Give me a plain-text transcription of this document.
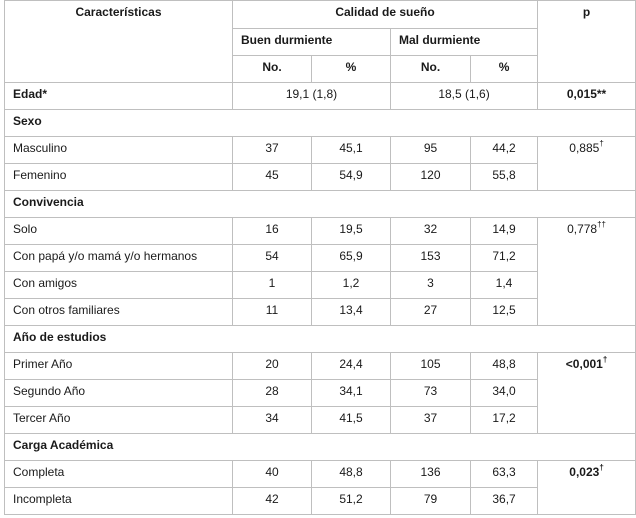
Características	Calidad de sueño				p
	Buen durmiente		Mal durmiente		
	No.	%	No.	%	
Edad*	19,1 (1,8)		18,5 (1,6)		0,015**
Sexo					
Masculino	37	45,1	95	44,2	0,885†
Femenino	45	54,9	120	55,8	
Convivencia					
Solo	16	19,5	32	14,9	0,778††
Con papá y/o mamá y/o hermanos	54	65,9	153	71,2	
Con amigos	1	1,2	3	1,4	
Con otros familiares	11	13,4	27	12,5	
Año de estudios					
Primer Año	20	24,4	105	48,8	<0,001†
Segundo Año	28	34,1	73	34,0	
Tercer Año	34	41,5	37	17,2	
Carga Académica					
Completa	40	48,8	136	63,3	0,023†
Incompleta	42	51,2	79	36,7	
